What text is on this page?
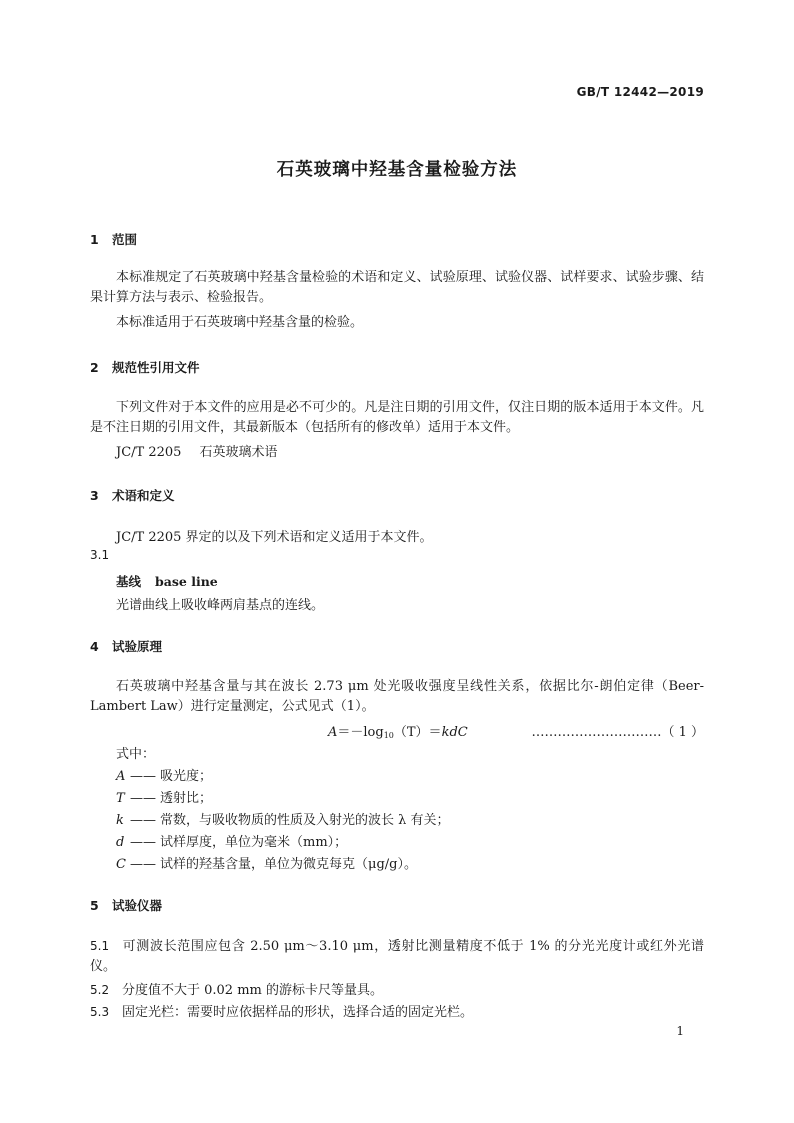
GB/T 12442—2019
石英玻璃中羟基含量检验方法
1 范围
本标准规定了石英玻璃中羟基含量检验的术语和定义、试验原理、试验仪器、试样要求、试验步骤、结果计算方法与表示、检验报告。
本标准适用于石英玻璃中羟基含量的检验。
2 规范性引用文件
下列文件对于本文件的应用是必不可少的。凡是注日期的引用文件，仅注日期的版本适用于本文件。凡是不注日期的引用文件，其最新版本（包括所有的修改单）适用于本文件。
JC/T 2205 石英玻璃术语
3 术语和定义
JC/T 2205 界定的以及下列术语和定义适用于本文件。
3.1
基线 base line
光谱曲线上吸收峰两肩基点的连线。
4 试验原理
石英玻璃中羟基含量与其在波长 2.73 μm 处光吸收强度呈线性关系，依据比尔-朗伯定律（Beer-Lambert Law）进行定量测定，公式见式（1）。
$A=-\log_{10}(T)=kdC$	…………………………（ 1 ）
式中：
A —— 吸光度；
T —— 透射比；
k —— 常数，与吸收物质的性质及入射光的波长 λ 有关；
d —— 试样厚度，单位为毫米（mm）；
C —— 试样的羟基含量，单位为微克每克（μg/g）。
5 试验仪器
5.1 可测波长范围应包含 2.50 μm～3.10 μm，透射比测量精度不低于 1% 的分光光度计或红外光谱仪。
5.2 分度值不大于 0.02 mm 的游标卡尺等量具。
5.3 固定光栏：需要时应依据样品的形状，选择合适的固定光栏。
1
